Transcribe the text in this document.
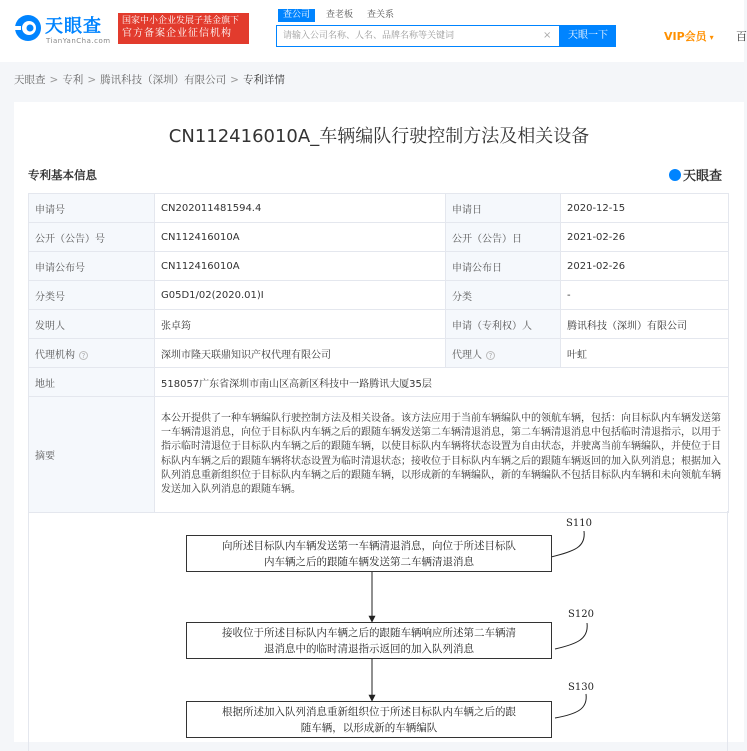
天眼查
TianYanCha.com
国家中小企业发展子基金旗下
官方备案企业征信机构
查公司	查老板	查关系
请输入公司名称、人名、品牌名称等关键词
×	天眼一下	VIP会员 ▾ 百
天眼查 > 专利 > 腾讯科技（深圳）有限公司 > 专利详情
CN112416010A_车辆编队行驶控制方法及相关设备
专利基本信息	天眼查
申请号	CN202011481594.4	申请日	2020-12-15
公开（公告）号	CN112416010A	公开（公告）日	2021-02-26
申请公布号	CN112416010A	申请公布日	2021-02-26
分类号	G05D1/02(2020.01)I	分类	-
发明人	张卓筠	申请（专利权）人	腾讯科技（深圳）有限公司
代理机构 ?	深圳市隆天联鼎知识产权代理有限公司	代理人 ?	叶虹
地址	518057广东省深圳市南山区高新区科技中一路腾讯大厦35层		
摘要	本公开提供了一种车辆编队行驶控制方法及相关设备。该方法应用于当前车辆编队中的领航车辆，包括：向目标队内车辆发送第一车辆清退消息，向位于目标队内车辆之后的跟随车辆发送第二车辆清退消息，第二车辆清退消息中包括临时清退指示，以用于指示临时清退位于目标队内车辆之后的跟随车辆，以使目标队内车辆将状态设置为自由状态，并驶离当前车辆编队，并使位于目标队内车辆之后的跟随车辆将状态设置为临时清退状态；接收位于目标队内车辆之后的跟随车辆返回的加入队列消息；根据加入队列消息重新组织位于目标队内车辆之后的跟随车辆，以形成新的车辆编队，新的车辆编队不包括目标队内车辆和未向领航车辆发送加入队列消息的跟随车辆。		
向所述目标队内车辆发送第一车辆清退消息，向位于所述目标队
内车辆之后的跟随车辆发送第二车辆清退消息
S110
接收位于所述目标队内车辆之后的跟随车辆响应所述第二车辆清
退消息中的临时清退指示返回的加入队列消息
S120
根据所述加入队列消息重新组织位于所述目标队内车辆之后的跟
随车辆，以形成新的车辆编队
S130
